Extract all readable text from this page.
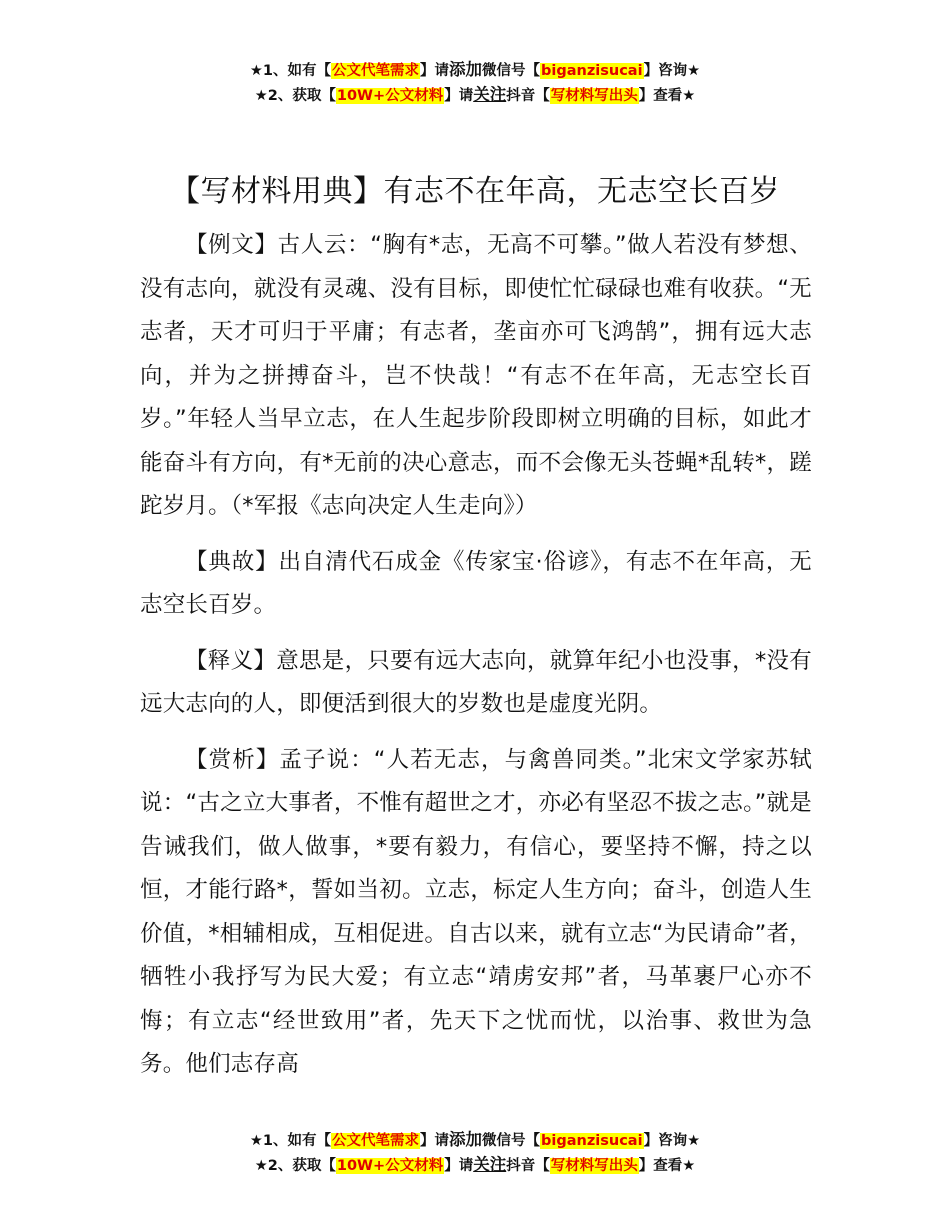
★1、如有【公文代笔需求】请添加微信号【biganzisucai】咨询★
★2、获取【10W+公文材料】请关注抖音【写材料写出头】查看★
【写材料用典】有志不在年高，无志空长百岁

【例文】古人云：“胸有*志，无高不可攀。”做人若没有梦想、没有志向，就没有灵魂、没有目标，即使忙忙碌碌也难有收获。“无志者，天才可归于平庸；有志者，垄亩亦可飞鸿鹄”，拥有远大志向，并为之拼搏奋斗，岂不快哉！“有志不在年高，无志空长百岁。”年轻人当早立志，在人生起步阶段即树立明确的目标，如此才能奋斗有方向，有*无前的决心意志，而不会像无头苍蝇*乱转*，蹉跎岁月。（*军报《志向决定人生走向》）

【典故】出自清代石成金《传家宝·俗谚》，有志不在年高，无志空长百岁。

【释义】意思是，只要有远大志向，就算年纪小也没事，*没有远大志向的人，即便活到很大的岁数也是虚度光阴。

【赏析】孟子说：“人若无志，与禽兽同类。”北宋文学家苏轼说：“古之立大事者，不惟有超世之才，亦必有坚忍不拔之志。”就是告诫我们，做人做事，*要有毅力，有信心，要坚持不懈，持之以恒，才能行路*，誓如当初。立志，标定人生方向；奋斗，创造人生价值，*相辅相成，互相促进。自古以来，就有立志“为民请命”者，牺牲小我抒写为民大爱；有立志“靖虏安邦”者，马革裹尸心亦不悔；有立志“经世致用”者，先天下之忧而忧，以治事、救世为急务。他们志存高

★1、如有【公文代笔需求】请添加微信号【biganzisucai】咨询★
★2、获取【10W+公文材料】请关注抖音【写材料写出头】查看★
